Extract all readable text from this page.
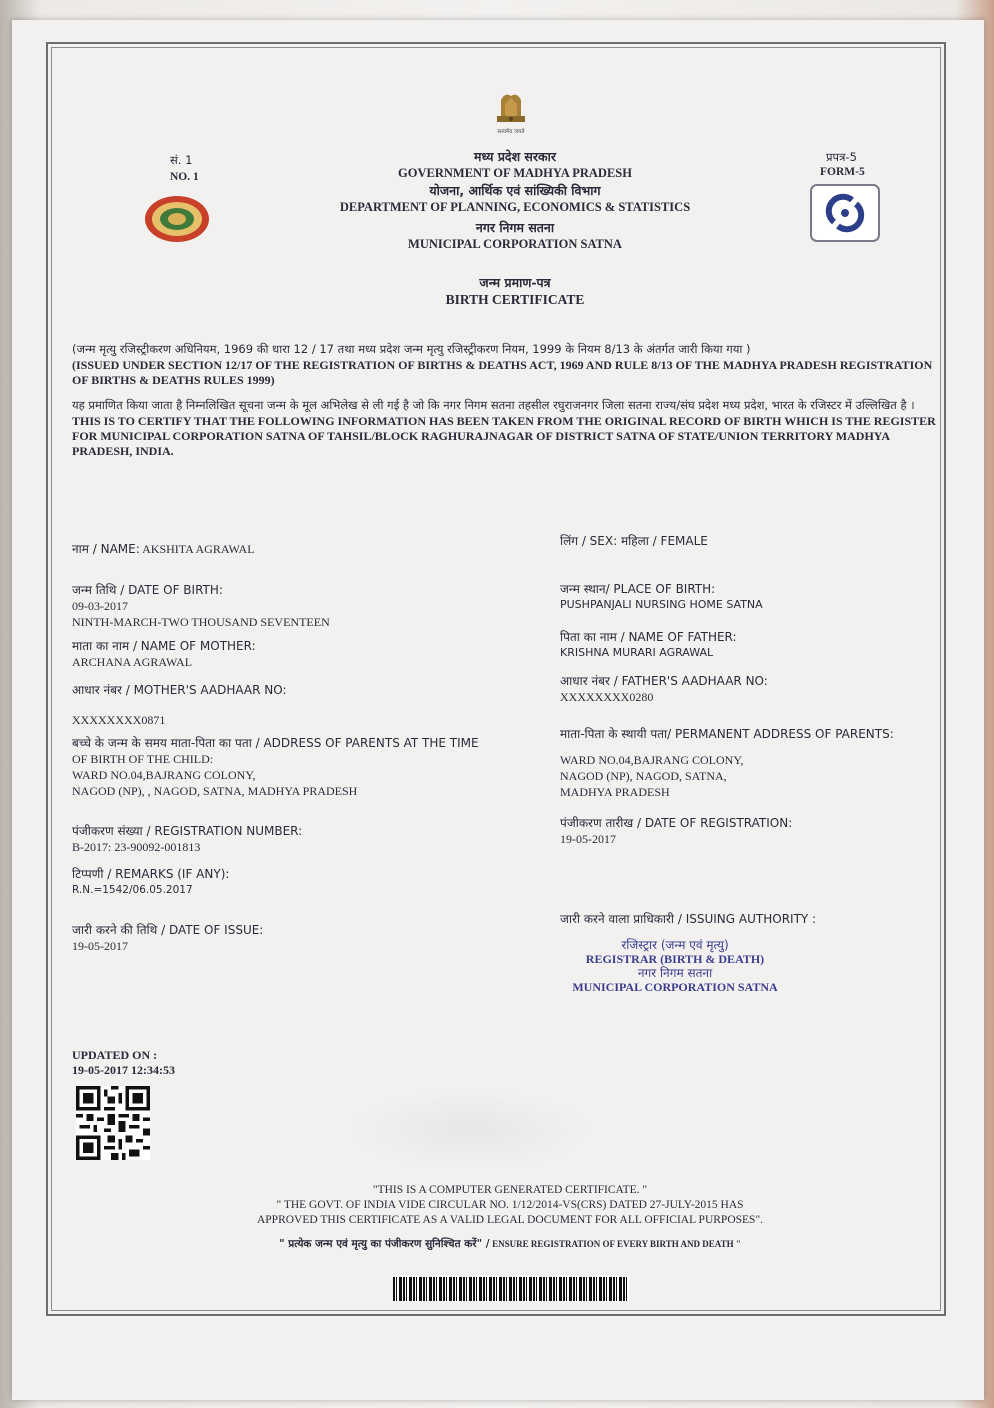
सत्यमेव जयते
सं. 1
NO. 1
प्रपत्र-5
FORM-5
मध्य प्रदेश सरकार
GOVERNMENT OF MADHYA PRADESH
योजना, आर्थिक एवं सांख्यिकी विभाग
DEPARTMENT OF PLANNING, ECONOMICS & STATISTICS
नगर निगम सतना
MUNICIPAL CORPORATION SATNA
जन्म प्रमाण-पत्र
BIRTH CERTIFICATE
(जन्म मृत्यु रजिस्ट्रीकरण अधिनियम, 1969 की धारा 12 / 17 तथा मध्य प्रदेश जन्म मृत्यु रजिस्ट्रीकरण नियम, 1999 के नियम 8/13 के अंतर्गत जारी किया गया )
(ISSUED UNDER SECTION 12/17 OF THE REGISTRATION OF BIRTHS & DEATHS ACT, 1969 AND RULE 8/13 OF THE MADHYA PRADESH REGISTRATION OF BIRTHS & DEATHS RULES 1999)
यह प्रमाणित किया जाता है निम्नलिखित सूचना जन्म के मूल अभिलेख से ली गई है जो कि नगर निगम सतना तहसील रघुराजनगर जिला सतना राज्य/संघ प्रदेश मध्य प्रदेश, भारत के रजिस्टर में उल्लिखित है ।
THIS IS TO CERTIFY THAT THE FOLLOWING INFORMATION HAS BEEN TAKEN FROM THE ORIGINAL RECORD OF BIRTH WHICH IS THE REGISTER FOR MUNICIPAL CORPORATION SATNA OF TAHSIL/BLOCK RAGHURAJNAGAR OF DISTRICT SATNA OF STATE/UNION TERRITORY MADHYA PRADESH, INDIA.
नाम / NAME: AKSHITA AGRAWAL
जन्म तिथि / DATE OF BIRTH:
09-03-2017
NINTH-MARCH-TWO THOUSAND SEVENTEEN
माता का नाम / NAME OF MOTHER:
ARCHANA AGRAWAL
आधार नंबर / MOTHER'S AADHAAR NO:
XXXXXXXX0871
बच्चे के जन्म के समय माता-पिता का पता / ADDRESS OF PARENTS AT THE TIME
OF BIRTH OF THE CHILD:
WARD NO.04,BAJRANG COLONY,
NAGOD (NP), , NAGOD, SATNA, MADHYA PRADESH
पंजीकरण संख्या / REGISTRATION NUMBER:
B-2017: 23-90092-001813
टिप्पणी / REMARKS (IF ANY):
R.N.=1542/06.05.2017
जारी करने की तिथि / DATE OF ISSUE:
19-05-2017
लिंग / SEX: महिला / FEMALE
जन्म स्थान/ PLACE OF BIRTH:
PUSHPANJALI NURSING HOME SATNA
पिता का नाम / NAME OF FATHER:
KRISHNA MURARI AGRAWAL
आधार नंबर / FATHER'S AADHAAR NO:
XXXXXXXX0280
माता-पिता के स्थायी पता/ PERMANENT ADDRESS OF PARENTS:
WARD NO.04,BAJRANG COLONY,
NAGOD (NP), NAGOD, SATNA,
MADHYA PRADESH
पंजीकरण तारीख / DATE OF REGISTRATION:
19-05-2017
जारी करने वाला प्राधिकारी / ISSUING AUTHORITY :
रजिस्ट्रार (जन्म एवं मृत्यु)
REGISTRAR (BIRTH & DEATH)
नगर निगम सतना
MUNICIPAL CORPORATION SATNA
UPDATED ON :
19-05-2017 12:34:53
"THIS IS A COMPUTER GENERATED CERTIFICATE. "
" THE GOVT. OF INDIA VIDE CIRCULAR NO. 1/12/2014-VS(CRS) DATED 27-JULY-2015 HAS
APPROVED THIS CERTIFICATE AS A VALID LEGAL DOCUMENT FOR ALL OFFICIAL PURPOSES".
" प्रत्येक जन्म एवं मृत्यु का पंजीकरण सुनिश्चित करें" / ENSURE REGISTRATION OF EVERY BIRTH AND DEATH "
